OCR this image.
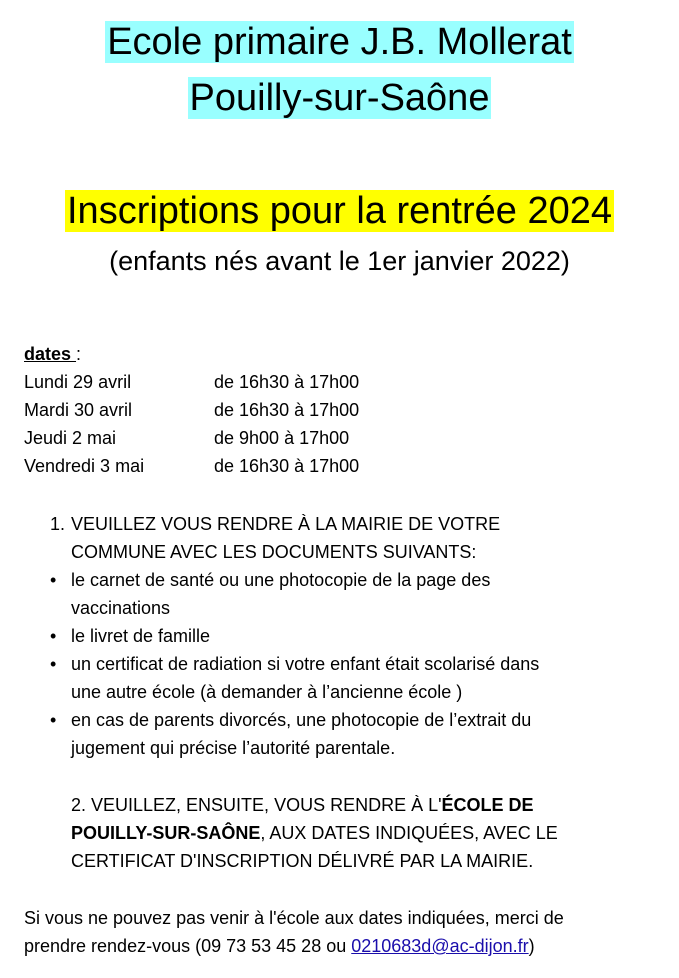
Ecole primaire J.B. Mollerat
Pouilly-sur-Saône
Inscriptions pour la rentrée 2024
(enfants nés avant le 1er janvier 2022)
dates :
Lundi 29 avril	de 16h30 à 17h00
Mardi 30 avril	de 16h30 à 17h00
Jeudi 2 mai	de 9h00 à 17h00
Vendredi 3 mai	de 16h30 à 17h00
1. VEUILLEZ VOUS RENDRE À LA MAIRIE DE VOTRE
COMMUNE AVEC LES DOCUMENTS SUIVANTS:
• le carnet de santé ou une photocopie de la page des
vaccinations
• le livret de famille
• un certificat de radiation si votre enfant était scolarisé dans
une autre école (à demander à l’ancienne école )
• en cas de parents divorcés, une photocopie de l’extrait du
jugement qui précise l’autorité parentale.
2. VEUILLEZ, ENSUITE, VOUS RENDRE À L'ÉCOLE DE
POUILLY-SUR-SAÔNE, AUX DATES INDIQUÉES, AVEC LE
CERTIFICAT D'INSCRIPTION DÉLIVRÉ PAR LA MAIRIE.
Si vous ne pouvez pas venir à l'école aux dates indiquées, merci de
prendre rendez-vous (09 73 53 45 28 ou 0210683d@ac-dijon.fr)
